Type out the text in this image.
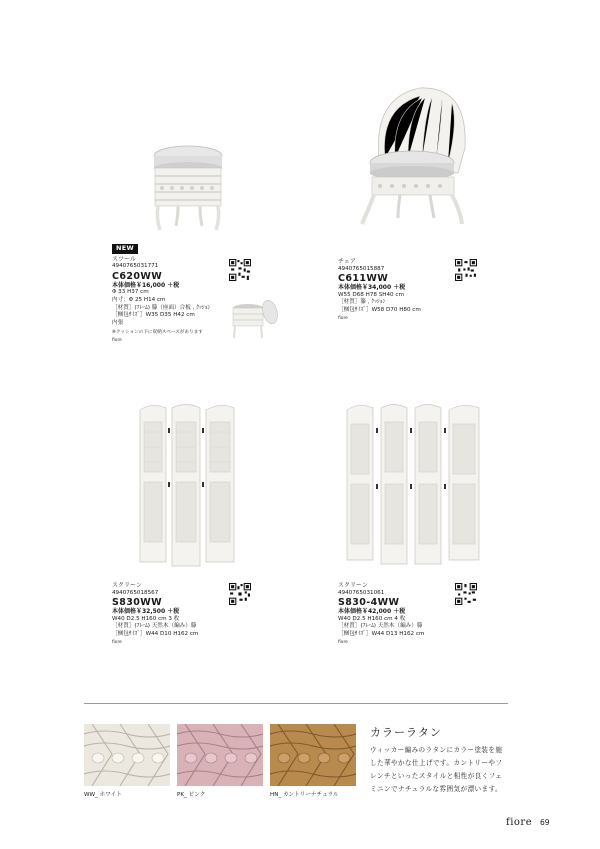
NEW
スツール
4940765031771
C620WW
本体価格￥16,000 ＋税
Φ 33 H37 cm
内寸：Φ 25 H14 cm
［材質］(ﾌﾚｰﾑ) 籐（座面）合板 , ｸｯｼｮﾝ
［梱包ｻｲｽﾞ］W35 D35 H42 cm
内張
※クッションの下に収納スペースがあります
fiore
チェア
4940765015887
C611WW
本体価格￥34,000 ＋税
W55 D68 H78 SH40 cm
［材質］籐 , ｸｯｼｮﾝ
［梱包ｻｲｽﾞ］W58 D70 H80 cm
fiore
スクリーン
4940765018567
S830WW
本体価格￥32,500 ＋税
W40 D2.5 H160 cm 3 枚
［材質］(ﾌﾚｰﾑ) 天然木（編み）籐
［梱包ｻｲｽﾞ］W44 D10 H162 cm
fiore
スクリーン
4940765031061
S830-4WW
本体価格￥42,000 ＋税
W40 D2.5 H160 cm 4 枚
［材質］(ﾌﾚｰﾑ) 天然木（編み）籐
［梱包ｻｲｽﾞ］W44 D13 H162 cm
fiore
WW_ ホワイト	PK_ ピンク	HN_ カントリーナチュラル
カラーラタン
ウィッカー編みのラタンにカラー塗装を施
した華やかな仕上げです。カントリーやフ
レンチといったスタイルと相性が良くフェ
ミニンでナチュラルな雰囲気が漂います。
fiore 69
